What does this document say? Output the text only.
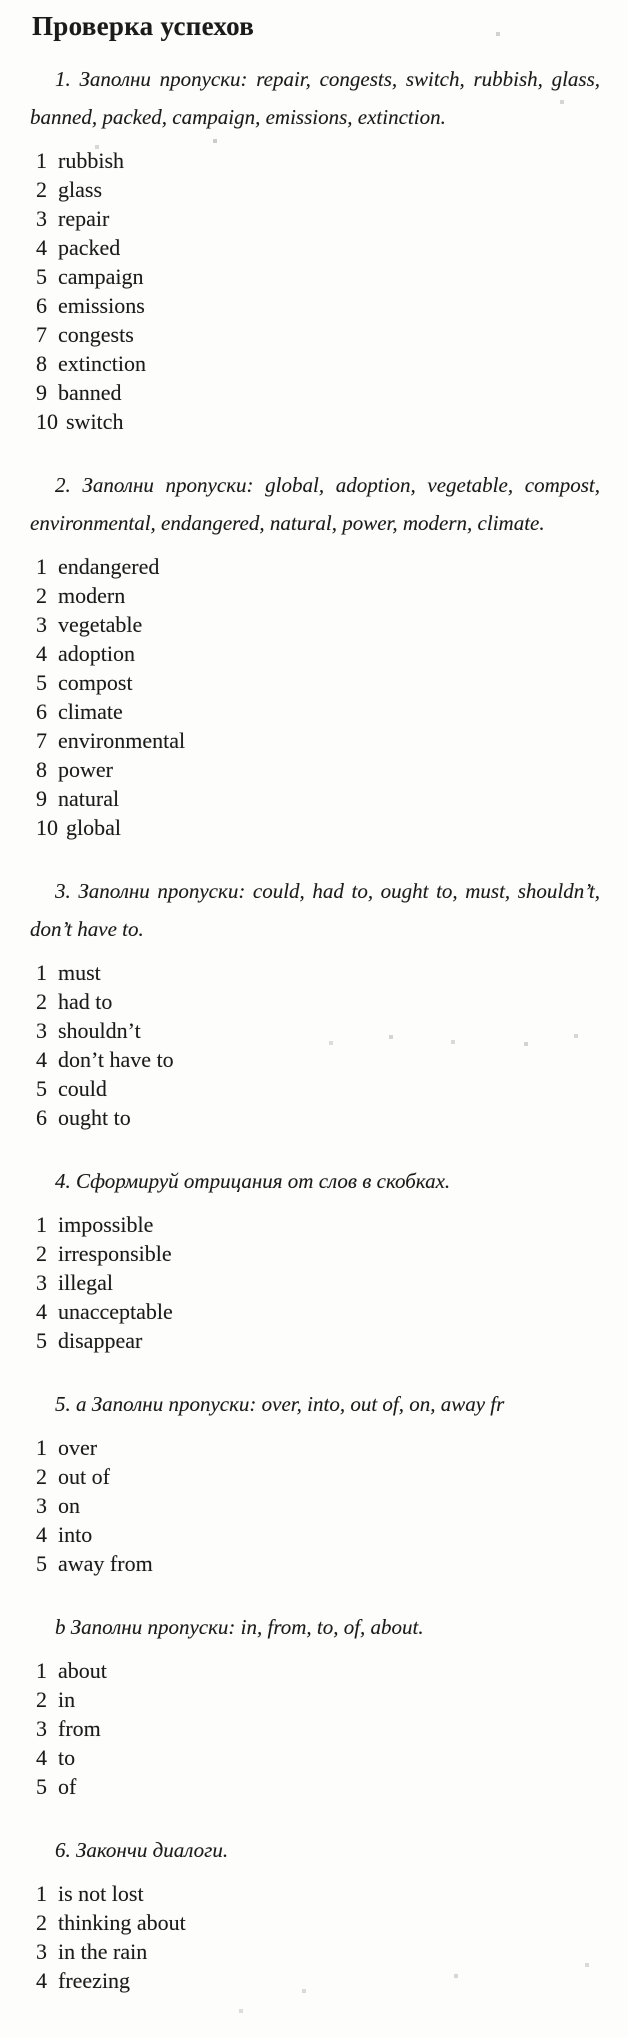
Проверка успехов

1. Заполни пропуски: repair, congests, switch, rubbish, glass, banned, packed, campaign, emissions, extinction.

1 rubbish
2 glass
3 repair
4 packed
5 campaign
6 emissions
7 congests
8 extinction
9 banned
10 switch

2. Заполни пропуски: global, adoption, vegetable, compost, environmental, endangered, natural, power, modern, climate.

1 endangered
2 modern
3 vegetable
4 adoption
5 compost
6 climate
7 environmental
8 power
9 natural
10 global

3. Заполни пропуски: could, had to, ought to, must, shouldn’t, don’t have to.

1 must
2 had to
3 shouldn’t
4 don’t have to
5 could
6 ought to

4. Сформируй отрицания от слов в скобках.

1 impossible
2 irresponsible
3 illegal
4 unacceptable
5 disappear

5. a Заполни пропуски: over, into, out of, on, away fr

1 over
2 out of
3 on
4 into
5 away from

b Заполни пропуски: in, from, to, of, about.

1 about
2 in
3 from
4 to
5 of

6. Закончи диалоги.

1 is not lost
2 thinking about
3 in the rain
4 freezing
